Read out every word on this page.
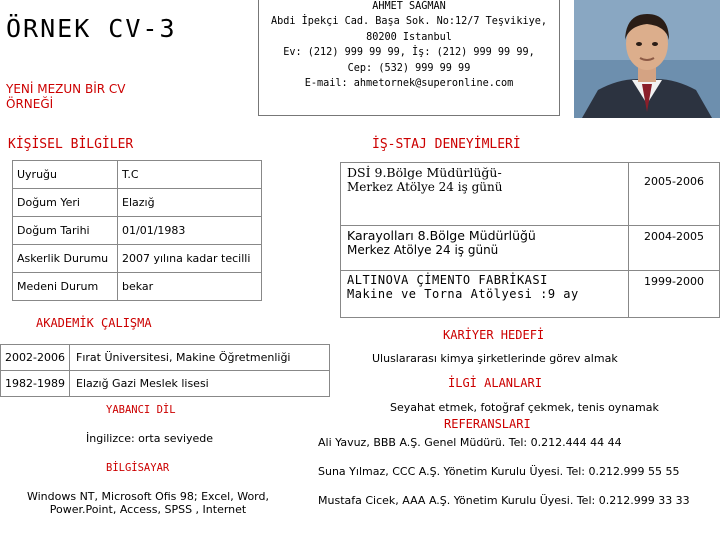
ÖRNEK CV-3
YENİ MEZUN BİR CV
ÖRNEĞİ
AHMET SAĞMAN
Abdi İpekçi Cad. Başa Sok. No:12/7 Teşvikiye,
80200 Istanbul
Ev: (212) 999 99 99, İş: (212) 999 99 99,
Cep: (532) 999 99 99
E-mail: ahmetornek@superonline.com
KİŞİSEL BİLGİLER
Uyruğu	T.C
Doğum Yeri	Elazığ
Doğum Tarihi	01/01/1983
Askerlik Durumu	2007 yılına kadar tecilli
Medeni Durum	bekar
İŞ-STAJ DENEYİMLERİ
DSİ 9.Bölge Müdürlüğü-
Merkez Atölye 24 iş günü	2005-2006

Karayolları 8.Bölge Müdürlüğü
Merkez Atölye 24 iş günü	2004-2005

ALTINOVA ÇİMENTO FABRİKASI
Makine ve Torna Atölyesi :9 ay	1999-2000
AKADEMİK ÇALIŞMA
2002-2006	Fırat Üniversitesi, Makine Öğretmenliği
1982-1989	Elazığ Gazi Meslek lisesi
YABANCI DİL
İngilizce: orta seviyede
BİLGİSAYAR
Windows NT, Microsoft Ofis 98; Excel, Word, Power.Point, Access, SPSS , Internet
KARİYER HEDEFİ
Uluslararası kimya şirketlerinde görev almak
İLGİ ALANLARI
Seyahat etmek, fotoğraf çekmek, tenis oynamak
REFERANSLARI
Ali Yavuz, BBB A.Ş. Genel Müdürü. Tel: 0.212.444 44 44
Suna Yılmaz, CCC A.Ş. Yönetim Kurulu Üyesi. Tel: 0.212.999 55 55
Mustafa Cicek, AAA A.Ş. Yönetim Kurulu Üyesi. Tel: 0.212.999 33 33
